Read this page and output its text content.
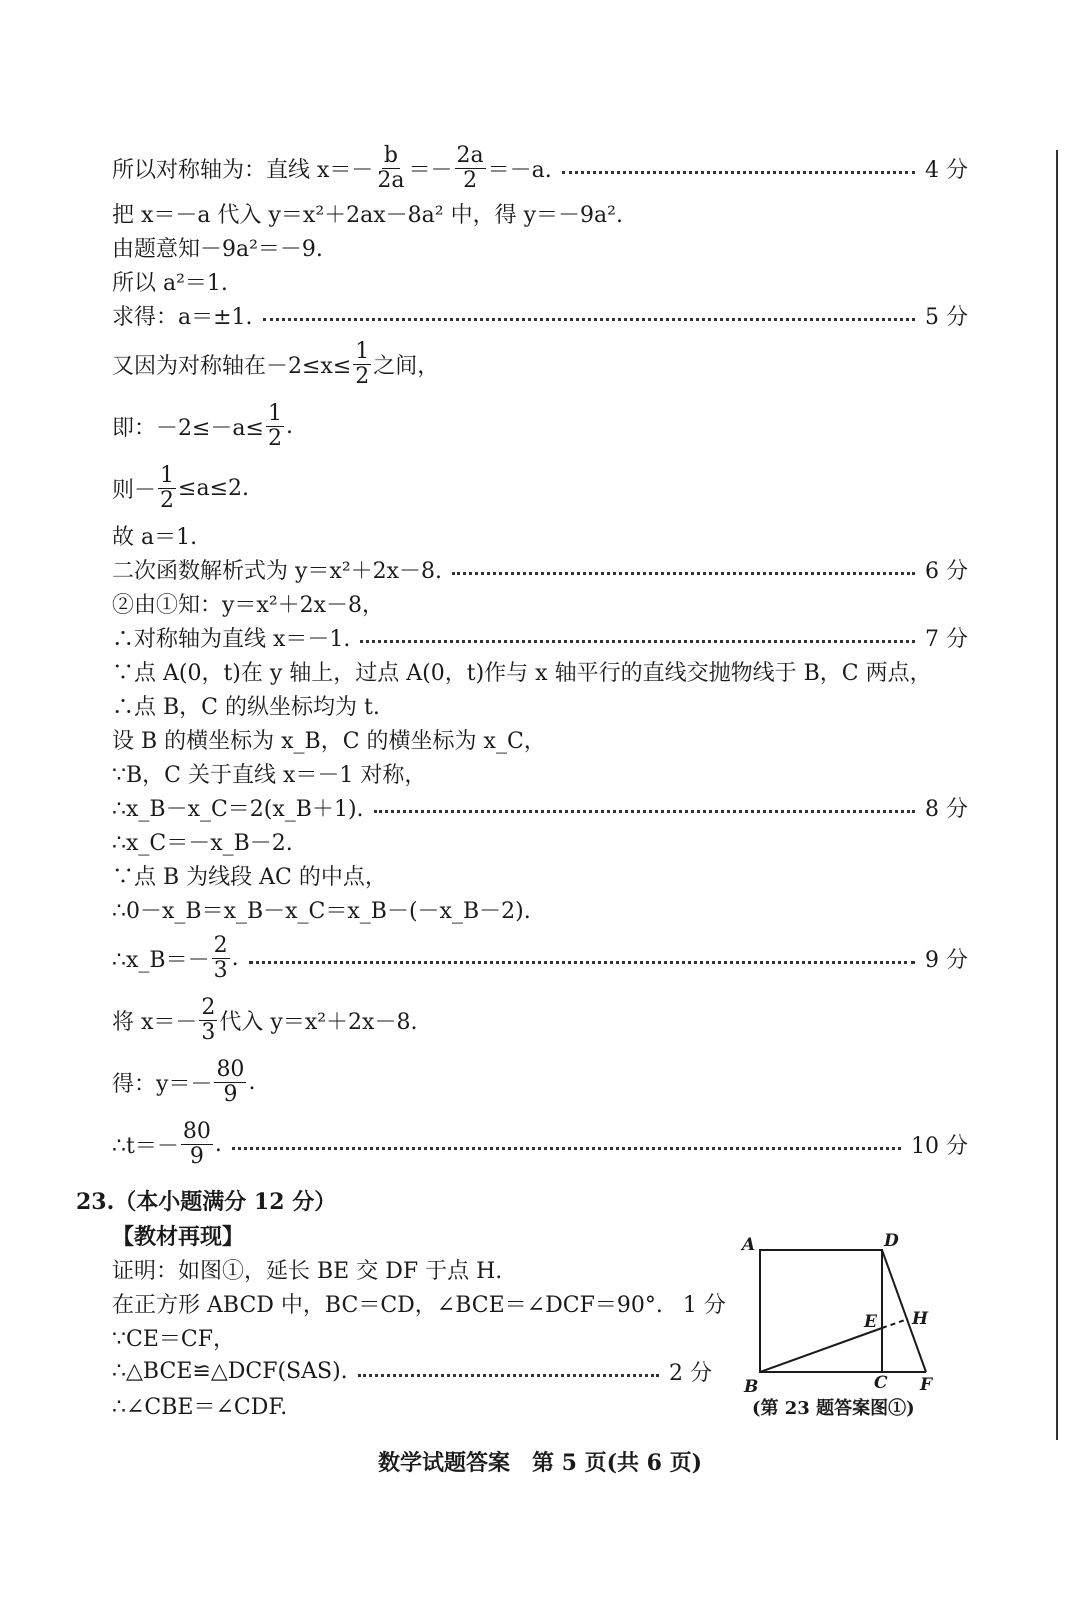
所以对称轴为：直线 $x=- \frac{b}{2a} =- \frac{2a}{2} =-a$.	4 分
把 x＝－a 代入 y＝x²＋2ax－8a² 中，得 y＝－9a².
由题意知－9a²＝－9.
所以 a²＝1.
求得：a＝±1.	5 分
又因为对称轴在$-2\le x\le \frac{1}{2}$ 之间，
即：$-2\le-a\le \frac{1}{2}$ .
则－ $\frac{1}{2} \le a\le 2$.
故 a＝1.
二次函数解析式为 y＝x²＋2x－8.	6 分
②由①知：y＝x²＋2x－8，
∴对称轴为直线 x＝－1.	7 分
∵点 A(0，t)在 y 轴上，过点 A(0，t)作与 x 轴平行的直线交抛物线于 B，C 两点，
∴点 B，C 的纵坐标均为 t.
设 B 的横坐标为 x_B，C 的横坐标为 x_C，
∵B，C 关于直线 x＝－1 对称，
∴x_B－x_C＝2(x_B＋1).	8 分
∴x_C＝－x_B－2.
∵点 B 为线段 AC 的中点，
∴0－x_B＝x_B－x_C＝x_B－(－x_B－2).
∴x_B＝－ $\frac{2}{3}$ .	9 分
将 $x=- \frac{2}{3}$ 代入 y＝x²＋2x－8.
得：$y=- \frac{80}{9}$ .
∴t＝－ $\frac{80}{9}$ .	10 分
23.（本小题满分 12 分）
【教材再现】
证明：如图①，延长 BE 交 DF 于点 H.
在正方形 ABCD 中，BC＝CD，∠BCE＝∠DCF＝90°. 1 分
∵CE＝CF，
∴△BCE≌△DCF(SAS).	2 分
∴∠CBE＝∠CDF.
A	D
E H
B	C F
(第 23 题答案图①)
数学试题答案　第 5 页(共 6 页)
